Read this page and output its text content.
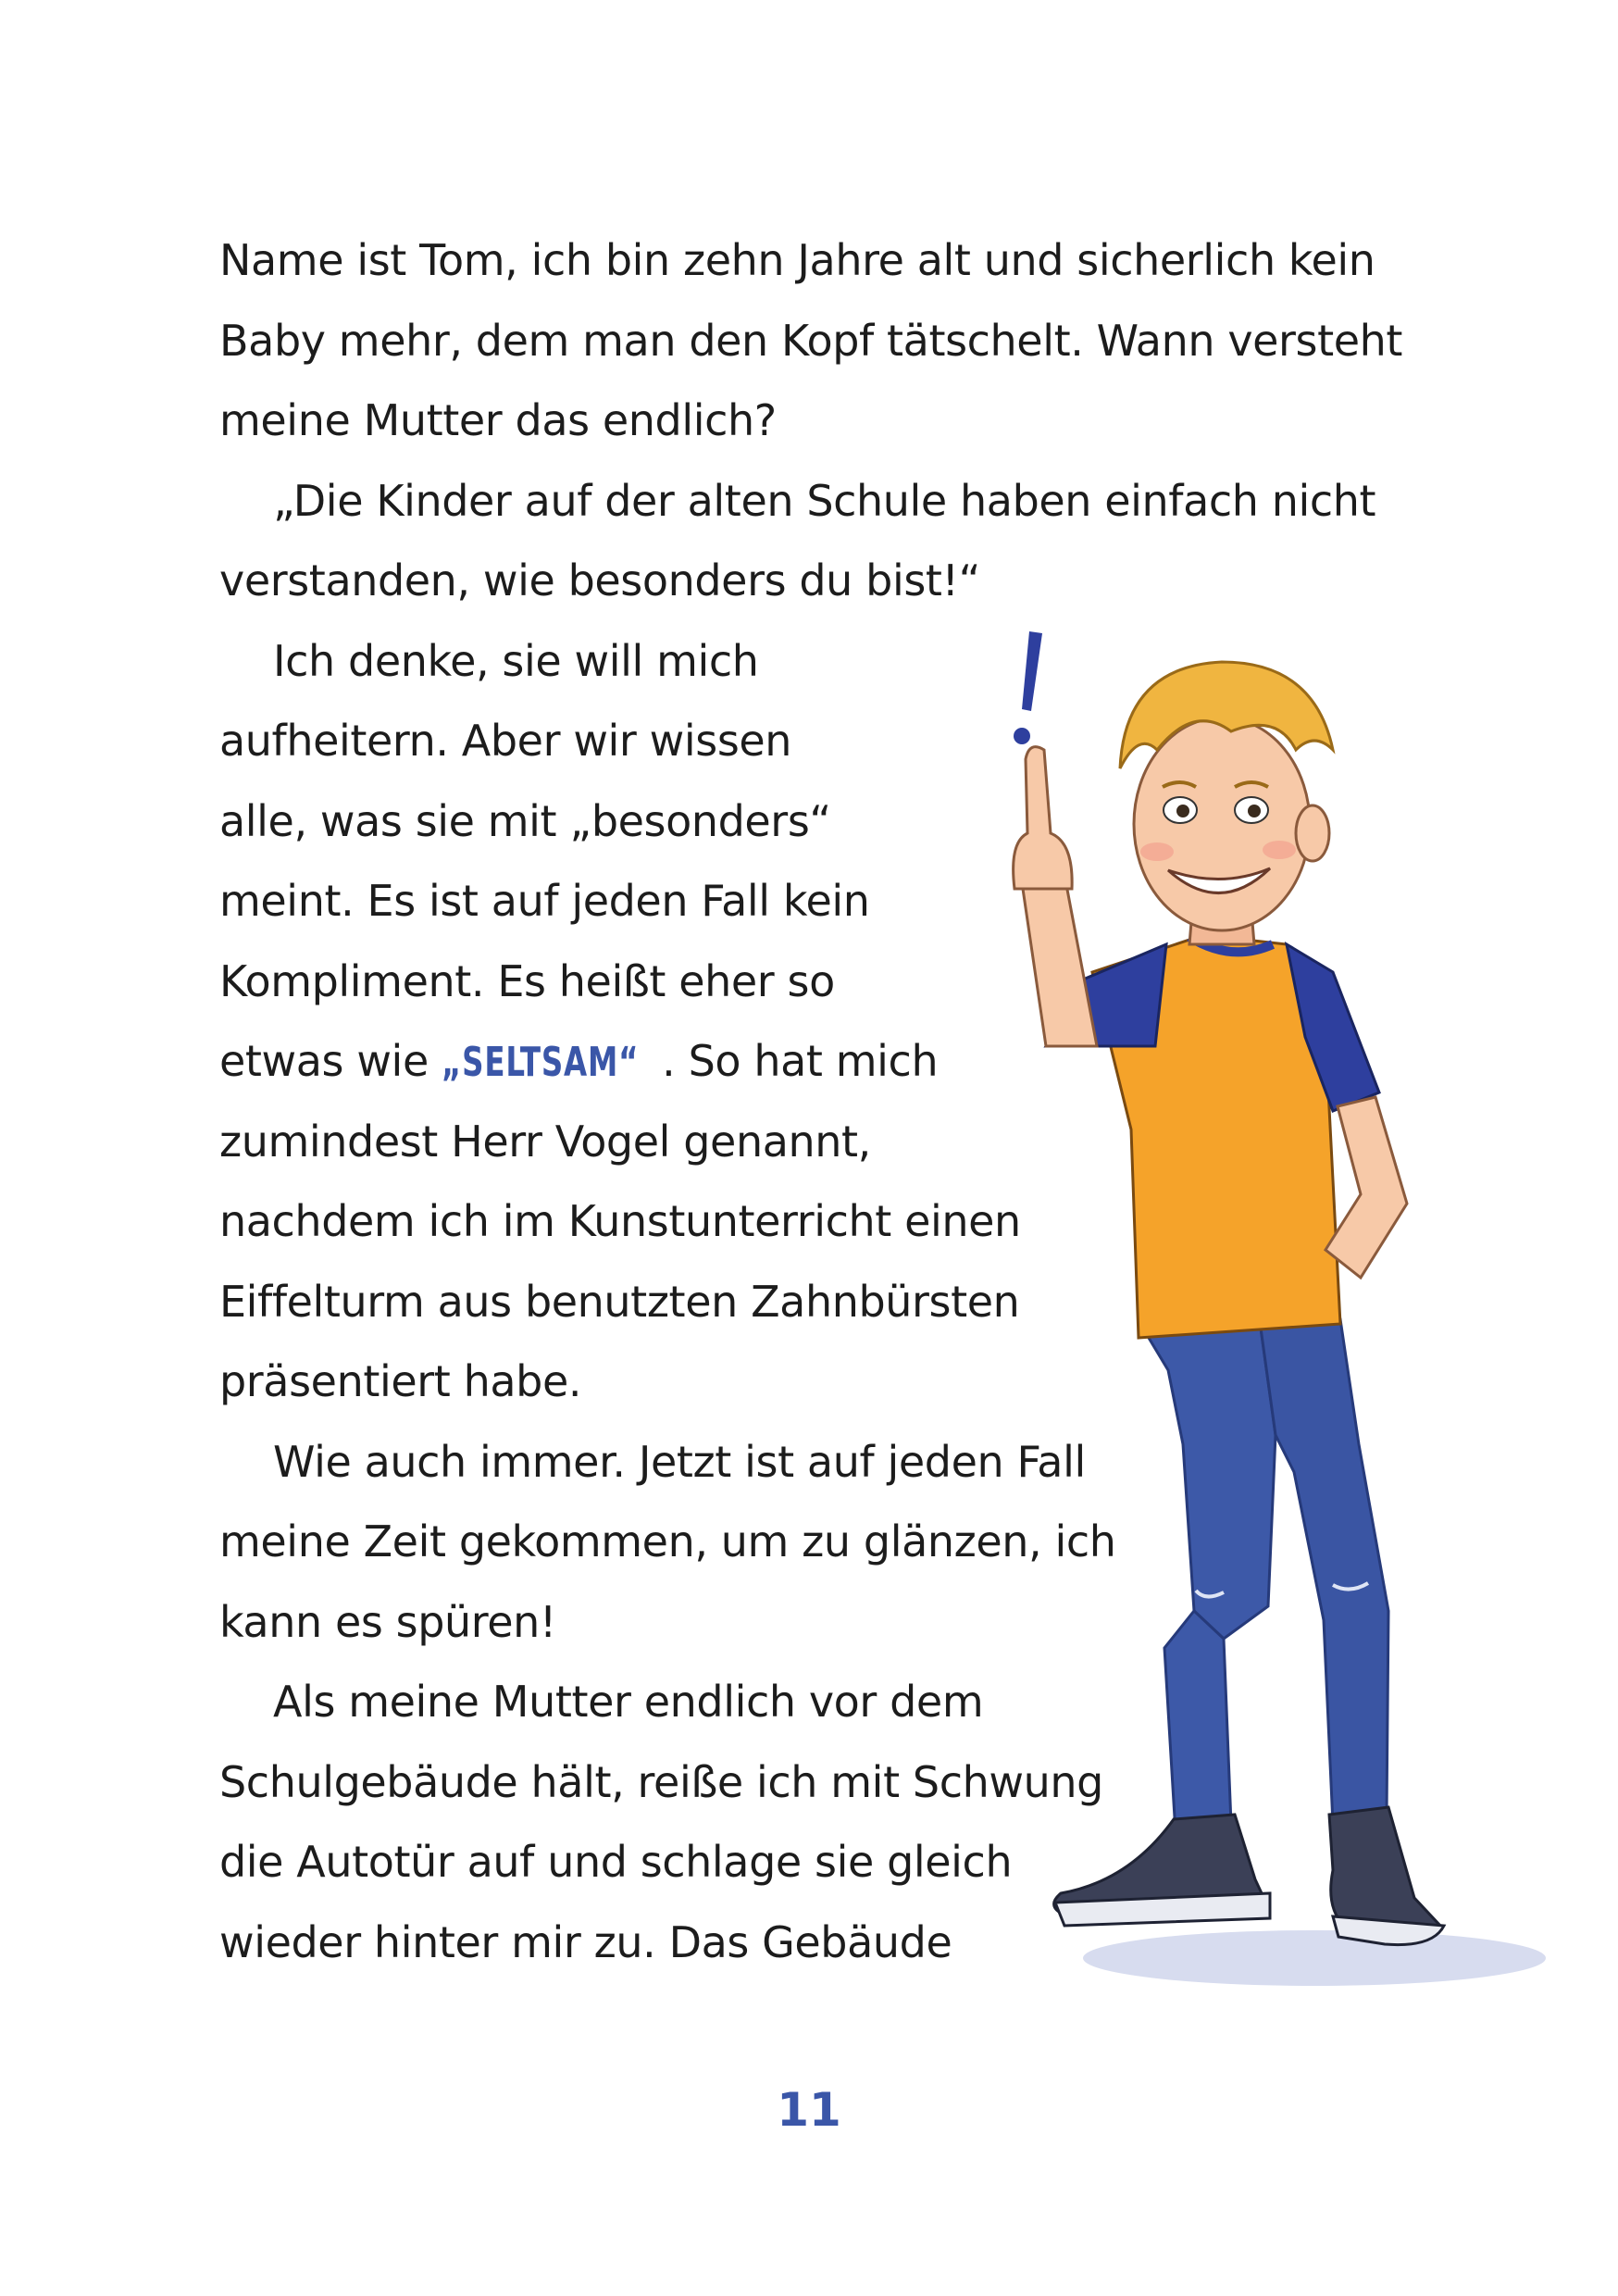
Name ist Tom, ich bin zehn Jahre alt und sicherlich kein
Baby mehr, dem man den Kopf tätschelt. Wann versteht
meine Mutter das endlich?
„Die Kinder auf der alten Schule haben einfach nicht
verstanden, wie besonders du bist!“
Ich denke, sie will mich
aufheitern. Aber wir wissen
alle, was sie mit „besonders“
meint. Es ist auf jeden Fall kein
Kompliment. Es heißt eher so
etwas wie „SELTSAM“ . So hat mich
zumindest Herr Vogel genannt,
nachdem ich im Kunstunterricht einen
Eiffelturm aus benutzten Zahnbürsten
präsentiert habe.
Wie auch immer. Jetzt ist auf jeden Fall
meine Zeit gekommen, um zu glänzen, ich
kann es spüren!
Als meine Mutter endlich vor dem
Schulgebäude hält, reiße ich mit Schwung
die Autotür auf und schlage sie gleich
wieder hinter mir zu. Das Gebäude
11
